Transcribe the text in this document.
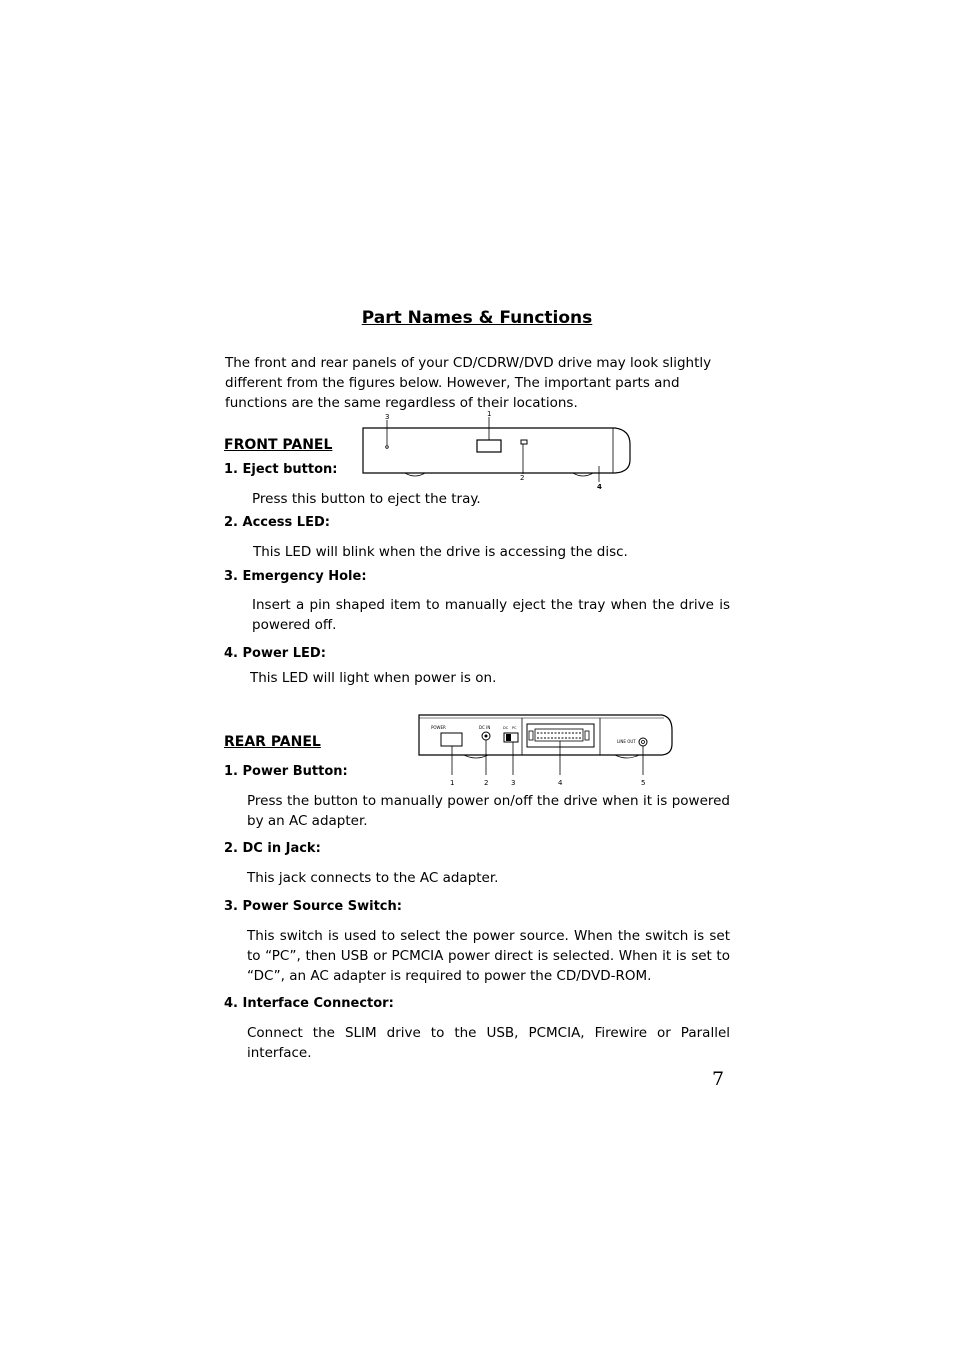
Part Names & Functions
The front and rear panels of your CD/CDRW/DVD drive may look slightly different from the figures below. However, The important parts and functions are the same regardless of their locations.
FRONT PANEL
1
2
3
4
1. Eject button:
Press this button to eject the tray.
2. Access LED:
This LED will blink when the drive is accessing the disc.
3. Emergency Hole:
Insert a pin shaped item to manually eject the tray when the drive is powered off.
4. Power LED:
This LED will light when power is on.
REAR PANEL
POWER	DC IN	DC PC
LINE OUT
1	2	3	4	5
1. Power Button:
Press the button to manually power on/off the drive when it is powered by an AC adapter.
2. DC in Jack:
This jack connects to the AC adapter.
3. Power Source Switch:
This switch is used to select the power source. When the switch is set to “PC”, then USB or PCMCIA power direct is selected. When it is set to “DC”, an AC adapter is required to power the CD/DVD-ROM.
4. Interface Connector:
Connect the SLIM drive to the USB, PCMCIA, Firewire or Parallel interface.
7
